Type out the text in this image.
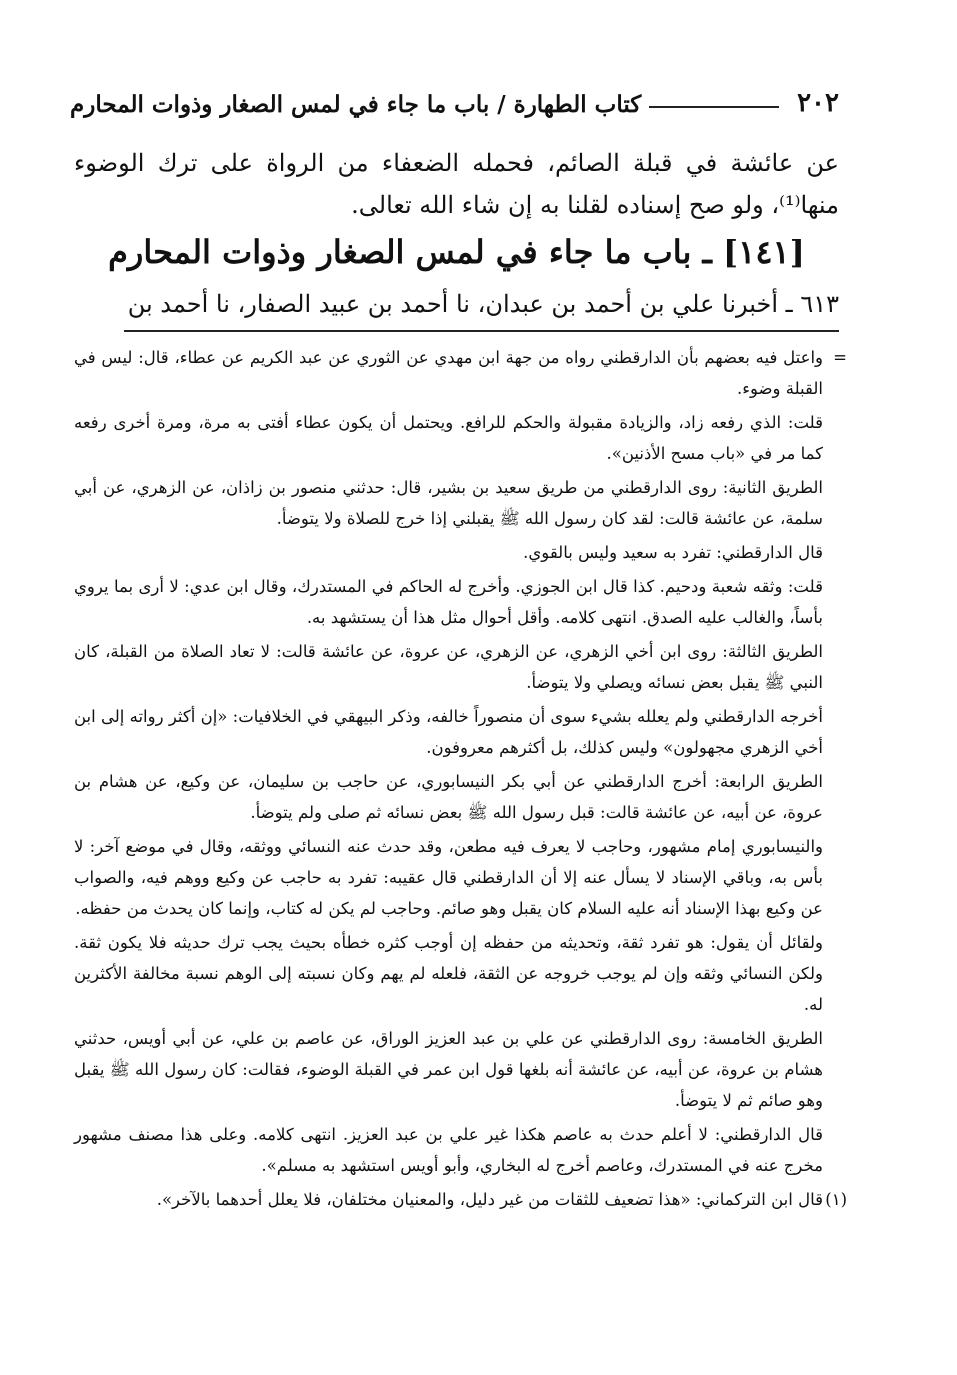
٢٠٢
كتاب الطهارة / باب ما جاء في لمس الصغار وذوات المحارم
عن عائشة في قبلة الصائم، فحمله الضعفاء من الرواة على ترك الوضوء منها⁽¹⁾، ولو صح إسناده لقلنا به إن شاء الله تعالى.
[١٤١] ـ باب ما جاء في لمس الصغار وذوات المحارم
٦١٣ ـ أخبرنا علي بن أحمد بن عبدان، نا أحمد بن عبيد الصفار، نا أحمد بن

=واعتل فيه بعضهم بأن الدارقطني رواه من جهة ابن مهدي عن الثوري عن عبد الكريم عن عطاء، قال: ليس في القبلة وضوء.

قلت: الذي رفعه زاد، والزيادة مقبولة والحكم للرافع. ويحتمل أن يكون عطاء أفتى به مرة، ومرة أخرى رفعه كما مر في «باب مسح الأذنين».

الطريق الثانية: روى الدارقطني من طريق سعيد بن بشير، قال: حدثني منصور بن زاذان، عن الزهري، عن أبي سلمة، عن عائشة قالت: لقد كان رسول الله ﷺ يقبلني إذا خرج للصلاة ولا يتوضأ.

قال الدارقطني: تفرد به سعيد وليس بالقوي.

قلت: وثقه شعبة ودحيم. كذا قال ابن الجوزي. وأخرج له الحاكم في المستدرك، وقال ابن عدي: لا أرى بما يروي بأساً، والغالب عليه الصدق. انتهى كلامه. وأقل أحوال مثل هذا أن يستشهد به.

الطريق الثالثة: روى ابن أخي الزهري، عن الزهري، عن عروة، عن عائشة قالت: لا تعاد الصلاة من القبلة، كان النبي ﷺ يقبل بعض نسائه ويصلي ولا يتوضأ.

أخرجه الدارقطني ولم يعلله بشيء سوى أن منصوراً خالفه، وذكر البيهقي في الخلافيات: «إن أكثر رواته إلى ابن أخي الزهري مجهولون» وليس كذلك، بل أكثرهم معروفون.

الطريق الرابعة: أخرج الدارقطني عن أبي بكر النيسابوري، عن حاجب بن سليمان، عن وكيع، عن هشام بن عروة، عن أبيه، عن عائشة قالت: قبل رسول الله ﷺ بعض نسائه ثم صلى ولم يتوضأ.

والنيسابوري إمام مشهور، وحاجب لا يعرف فيه مطعن، وقد حدث عنه النسائي ووثقه، وقال في موضع آخر: لا بأس به، وباقي الإسناد لا يسأل عنه إلا أن الدارقطني قال عقيبه: تفرد به حاجب عن وكيع ووهم فيه، والصواب عن وكيع بهذا الإسناد أنه عليه السلام كان يقبل وهو صائم. وحاجب لم يكن له كتاب، وإنما كان يحدث من حفظه.

ولقائل أن يقول: هو تفرد ثقة، وتحديثه من حفظه إن أوجب كثره خطأه بحيث يجب ترك حديثه فلا يكون ثقة. ولكن النسائي وثقه وإن لم يوجب خروجه عن الثقة، فلعله لم يهم وكان نسبته إلى الوهم نسبة مخالفة الأكثرين له.

الطريق الخامسة: روى الدارقطني عن علي بن عبد العزيز الوراق، عن عاصم بن علي، عن أبي أويس، حدثني هشام بن عروة، عن أبيه، عن عائشة أنه بلغها قول ابن عمر في القبلة الوضوء، فقالت: كان رسول الله ﷺ يقبل وهو صائم ثم لا يتوضأ.

قال الدارقطني: لا أعلم حدث به عاصم هكذا غير علي بن عبد العزيز. انتهى كلامه. وعلى هذا مصنف مشهور مخرج عنه في المستدرك، وعاصم أخرج له البخاري، وأبو أويس استشهد به مسلم».

(١)قال ابن التركماني: «هذا تضعيف للثقات من غير دليل، والمعنيان مختلفان، فلا يعلل أحدهما بالآخر».
